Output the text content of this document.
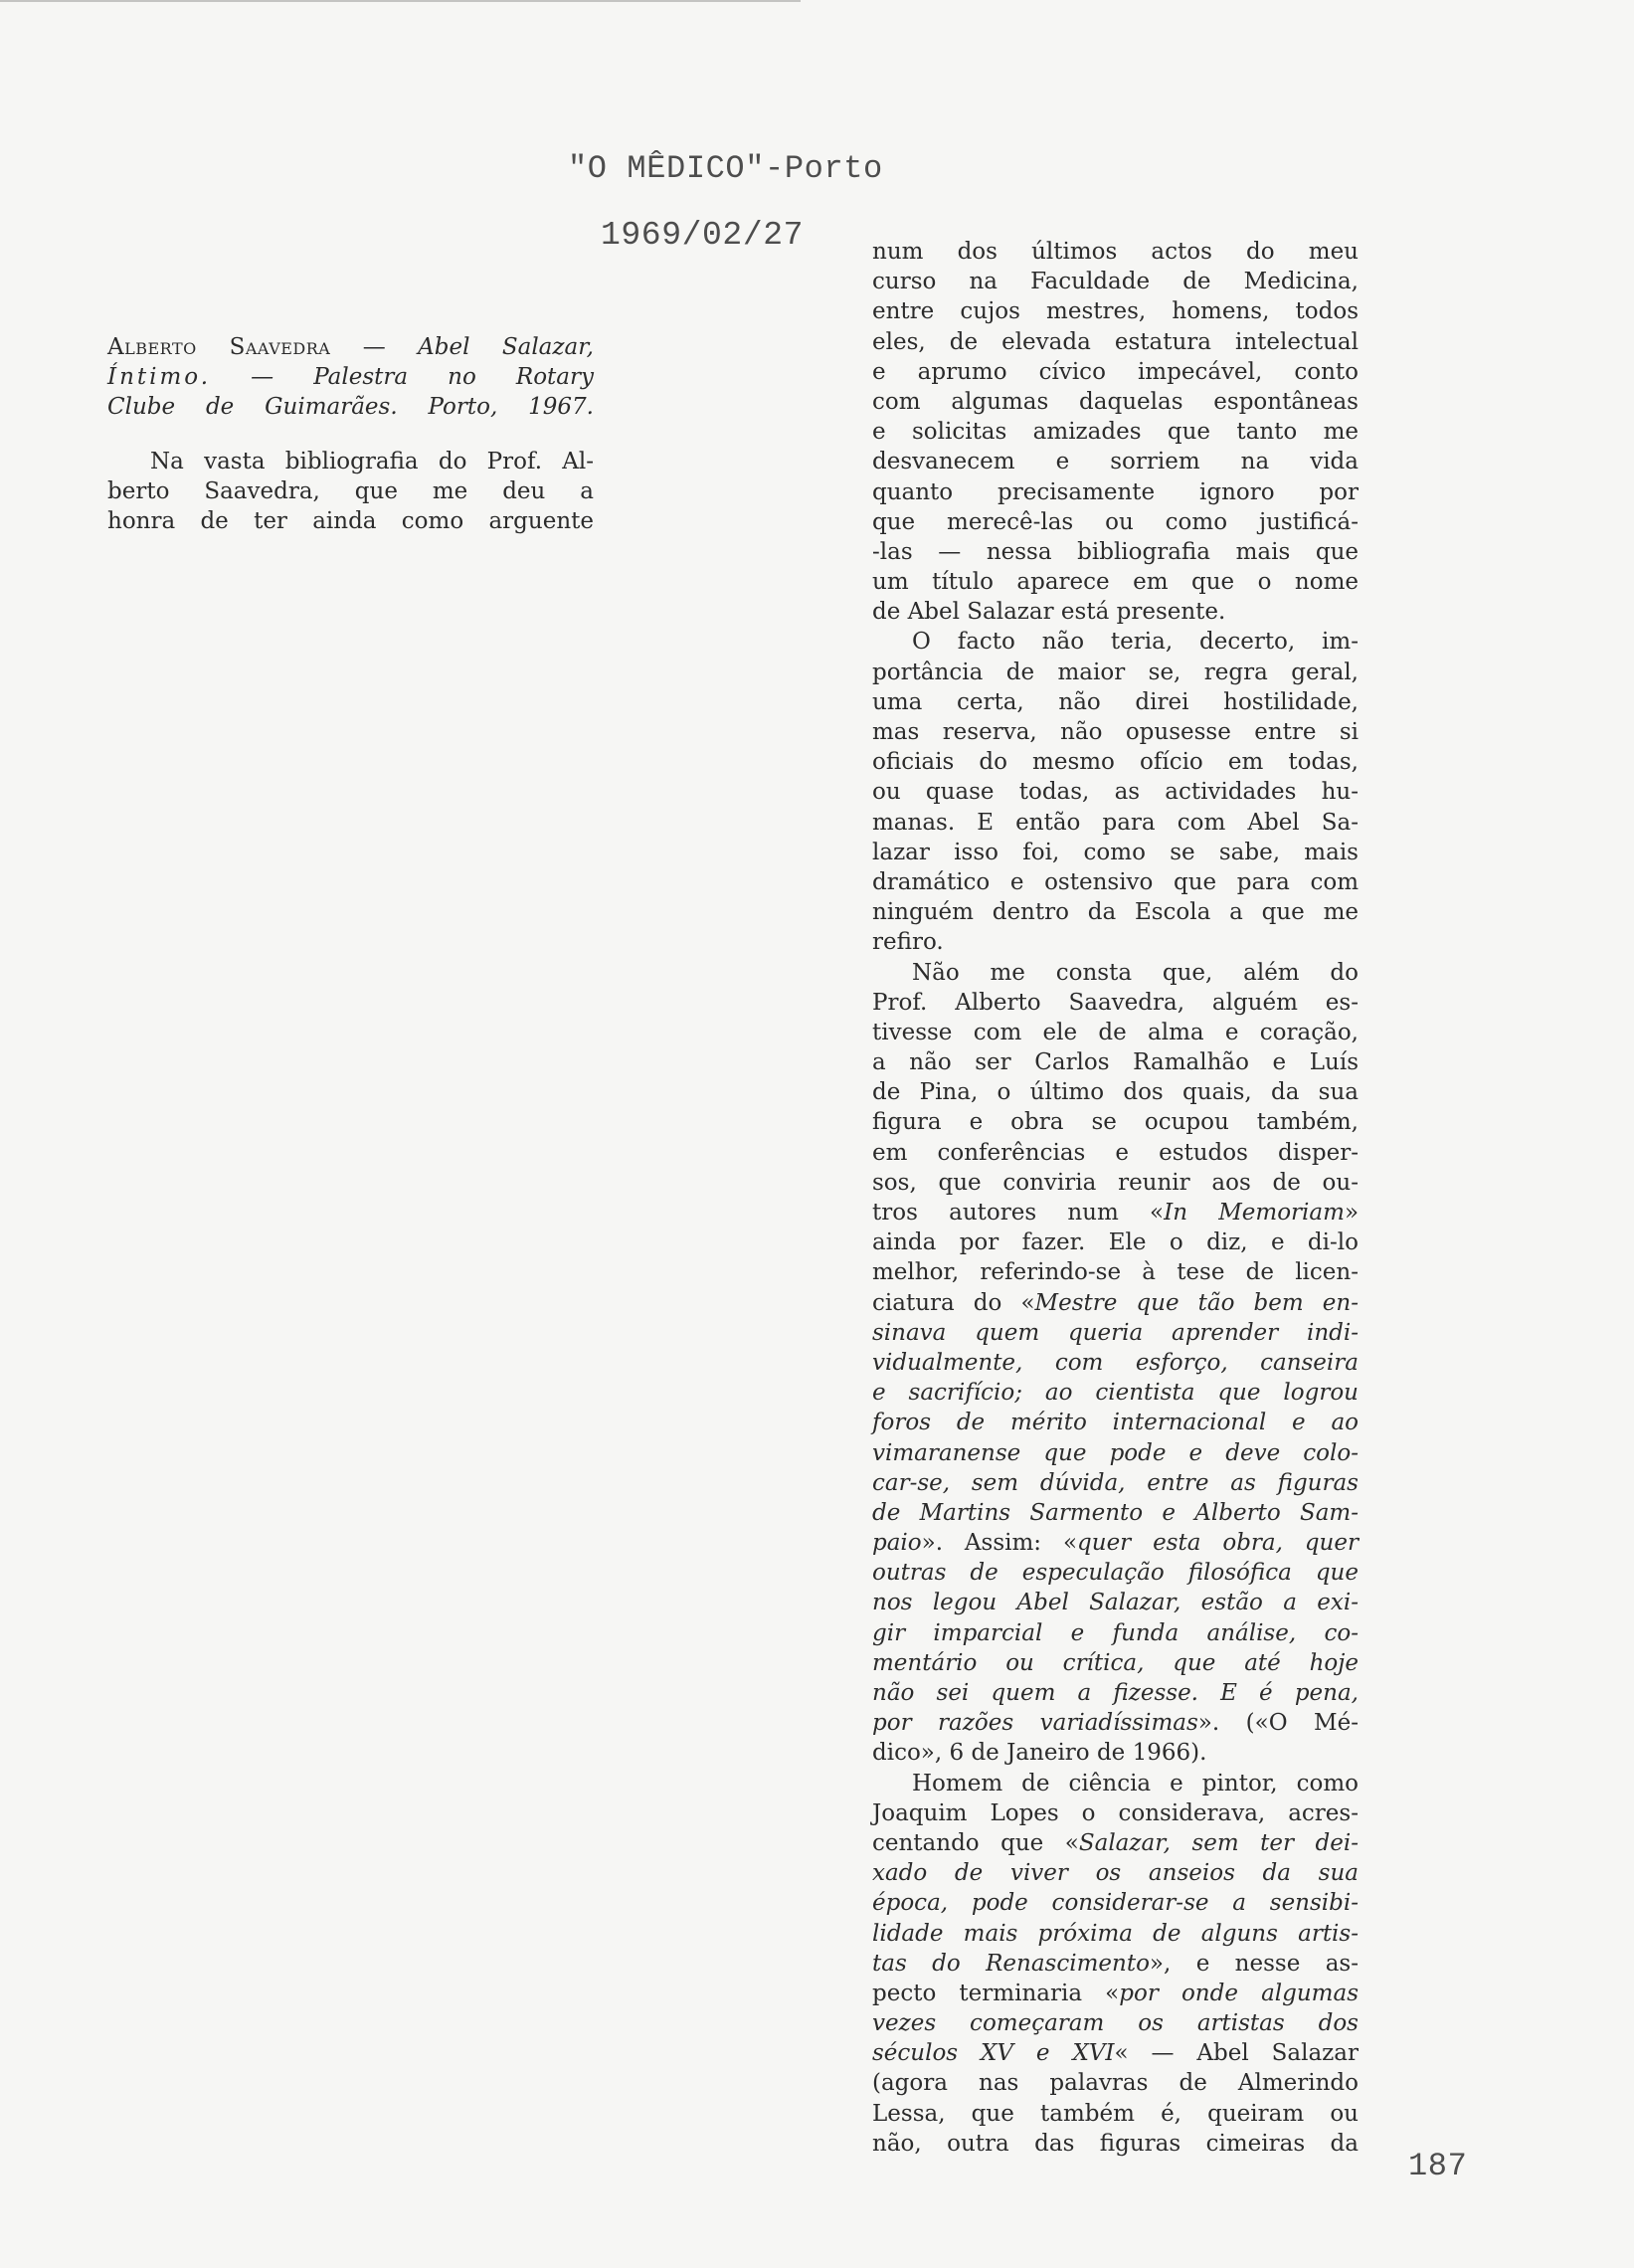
"O MÊDICO"-Porto
1969/02/27
Alberto Saavedra — Abel Salazar,
Íntimo. — Palestra no Rotary
Clube de Guimarães. Porto, 1967.
Na vasta bibliografia do Prof. Al-
berto Saavedra, que me deu a
honra de ter ainda como arguente
num dos últimos actos do meu
curso na Faculdade de Medicina,
entre cujos mestres, homens, todos
eles, de elevada estatura intelectual
e aprumo cívico impecável, conto
com algumas daquelas espontâneas
e solicitas amizades que tanto me
desvanecem e sorriem na vida
quanto precisamente ignoro por
que merecê-las ou como justificá-
-las — nessa bibliografia mais que
um título aparece em que o nome
de Abel Salazar está presente.
O facto não teria, decerto, im-
portância de maior se, regra geral,
uma certa, não direi hostilidade,
mas reserva, não opusesse entre si
oficiais do mesmo ofício em todas,
ou quase todas, as actividades hu-
manas. E então para com Abel Sa-
lazar isso foi, como se sabe, mais
dramático e ostensivo que para com
ninguém dentro da Escola a que me
refiro.
Não me consta que, além do
Prof. Alberto Saavedra, alguém es-
tivesse com ele de alma e coração,
a não ser Carlos Ramalhão e Luís
de Pina, o último dos quais, da sua
figura e obra se ocupou também,
em conferências e estudos disper-
sos, que conviria reunir aos de ou-
tros autores num «In Memoriam»
ainda por fazer. Ele o diz, e di-lo
melhor, referindo-se à tese de licen-
ciatura do «Mestre que tão bem en-
sinava quem queria aprender indi-
vidualmente, com esforço, canseira
e sacrifício; ao cientista que logrou
foros de mérito internacional e ao
vimaranense que pode e deve colo-
car-se, sem dúvida, entre as figuras
de Martins Sarmento e Alberto Sam-
paio». Assim: «quer esta obra, quer
outras de especulação filosófica que
nos legou Abel Salazar, estão a exi-
gir imparcial e funda análise, co-
mentário ou crítica, que até hoje
não sei quem a fizesse. E é pena,
por razões variadíssimas». («O Mé-
dico», 6 de Janeiro de 1966).
Homem de ciência e pintor, como
Joaquim Lopes o considerava, acres-
centando que «Salazar, sem ter dei-
xado de viver os anseios da sua
época, pode considerar-se a sensibi-
lidade mais próxima de alguns artis-
tas do Renascimento», e nesse as-
pecto terminaria «por onde algumas
vezes começaram os artistas dos
séculos XV e XVI« — Abel Salazar
(agora nas palavras de Almerindo
Lessa, que também é, queiram ou
não, outra das figuras cimeiras da
187
